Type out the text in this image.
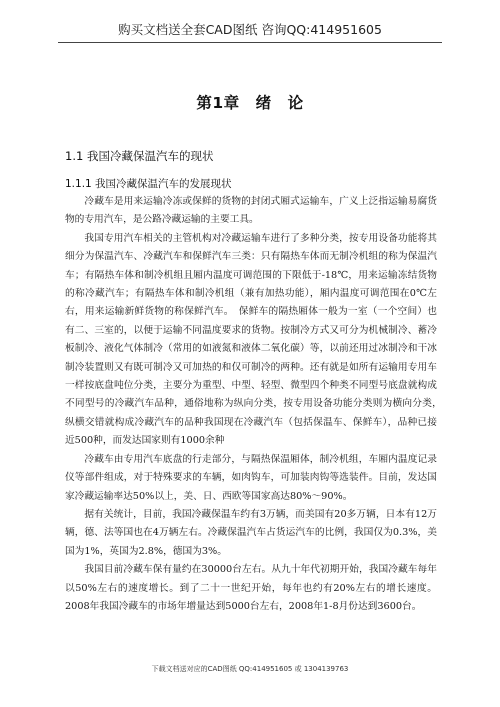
购买文档送全套CAD图纸 咨询QQ:414951605
第1章　绪　论
1.1 我国冷藏保温汽车的现状
1.1.1 我国冷藏保温汽车的发展现状

冷藏车是用来运输冷冻或保鲜的货物的封闭式厢式运输车，广义上泛指运输易腐货物的专用汽车，是公路冷藏运输的主要工具。

我国专用汽车相关的主管机构对冷藏运输车进行了多种分类，按专用设备功能将其细分为保温汽车、冷藏汽车和保鲜汽车三类：只有隔热车体而无制冷机组的称为保温汽车；有隔热车体和制冷机组且厢内温度可调范围的下限低于-18℃，用来运输冻结货物的称冷藏汽车；有隔热车体和制冷机组（兼有加热功能），厢内温度可调范围在0℃左右，用来运输新鲜货物的称保鲜汽车。　保鲜车的隔热厢体一般为一室（一个空间）也有二、三室的，以便于运输不同温度要求的货物。按制冷方式又可分为机械制冷、蓄冷板制冷、液化气体制冷（常用的如液氮和液体二氧化碳）等，以前还用过冰制冷和干冰制冷装置则又有既可制冷又可加热的和仅可制冷的两种。还有就是如所有运输用专用车一样按底盘吨位分类，主要分为重型、中型、轻型、微型四个种类不同型号底盘就构成不同型号的冷藏汽车品种，通俗地称为纵向分类，按专用设备功能分类则为横向分类，　纵横交错就构成冷藏汽车的品种我国现在冷藏汽车（包括保温车、保鲜车），品种已接近500种，而发达国家则有1000余种

冷藏车由专用汽车底盘的行走部分，与隔热保温厢体，制冷机组，车厢内温度记录仪等部件组成，对于特殊要求的车辆，如肉钩车，可加装肉钩等选装件。目前，发达国家冷藏运输率达50%以上，美、日、西欧等国家高达80%～90%。

据有关统计，目前，我国冷藏保温车约有3万辆，而美国有20多万辆，日本有12万辆，德、法等国也在4万辆左右。冷藏保温汽车占货运汽车的比例，我国仅为0.3%，美国为1%，英国为2.8%，德国为3%。

我国目前冷藏车保有量约在30000台左右。从九十年代初期开始，我国冷藏车每年以50%左右的速度增长。到了二十一世纪开始，每年也约有20%左右的增长速度。2008年我国冷藏车的市场年增量达到5000台左右，2008年1-8月份达到3600台。

下载文档送对应的CAD图纸 QQ:414951605 或 1304139763
